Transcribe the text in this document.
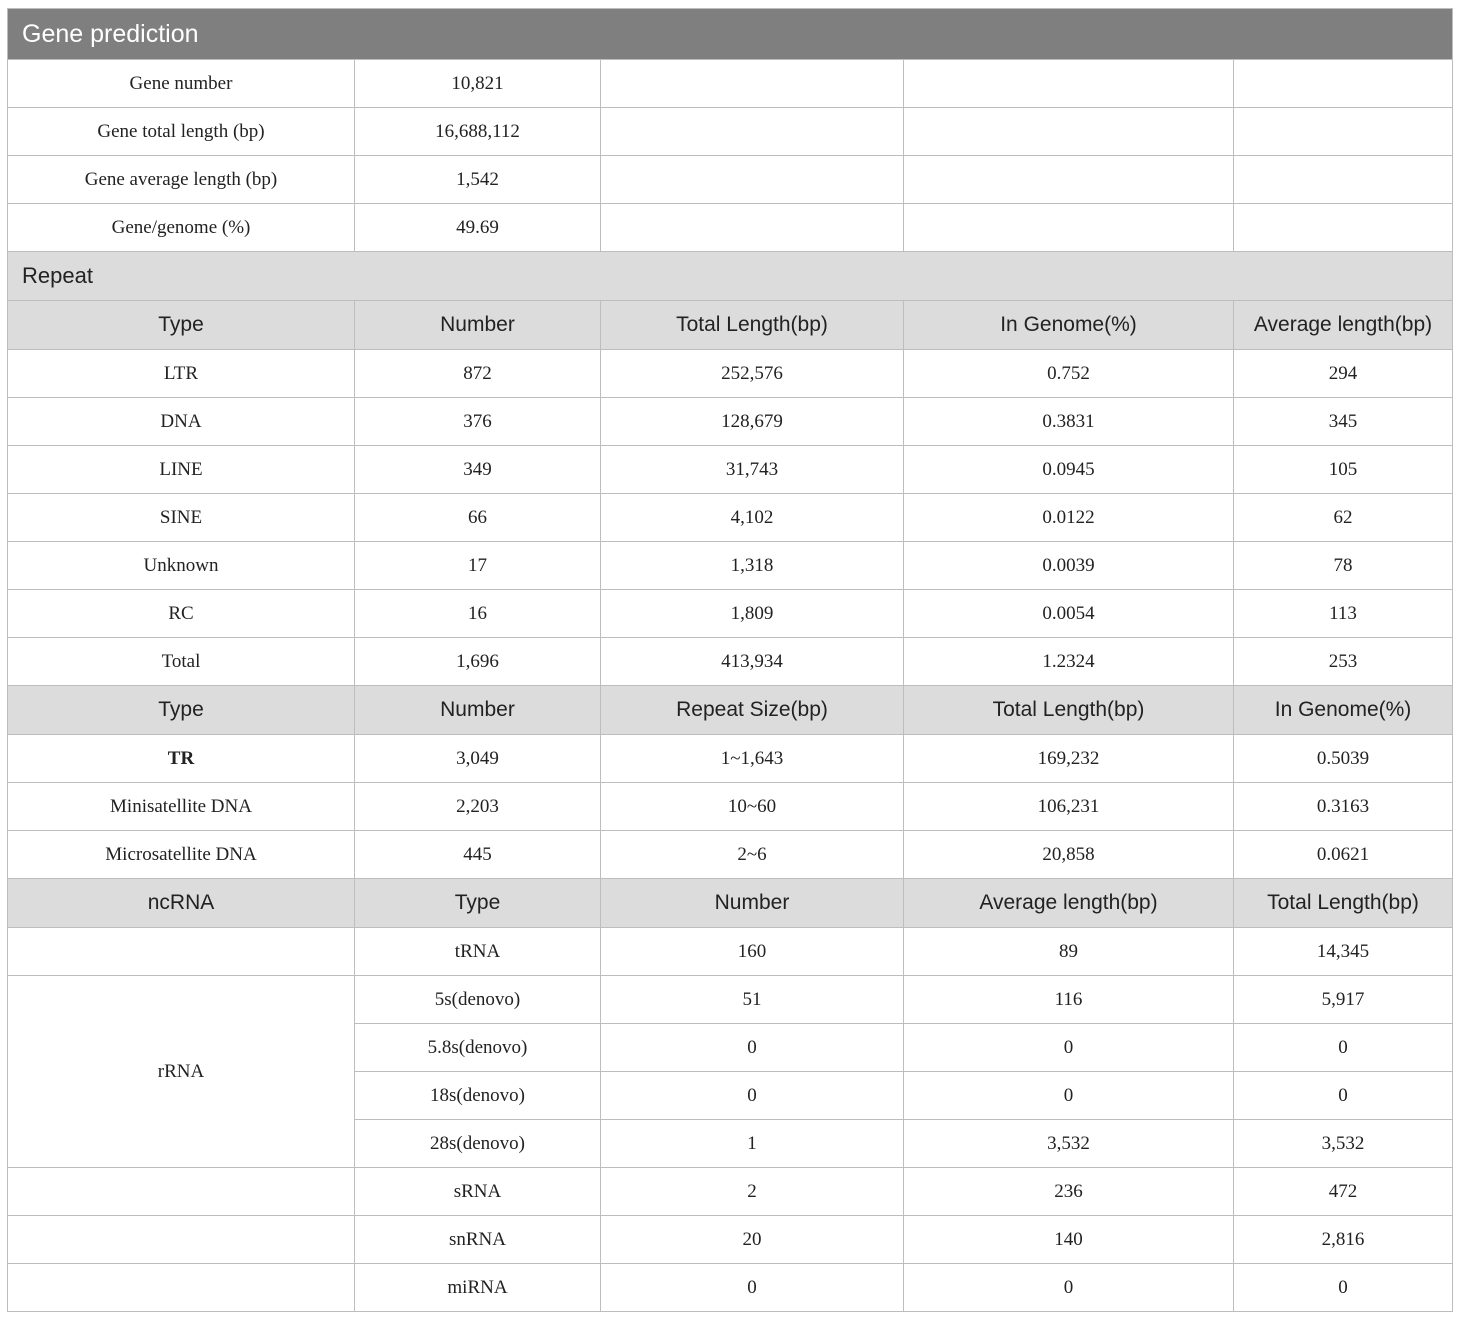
Gene prediction				
Gene number	10,821			
Gene total length (bp)	16,688,112			
Gene average length (bp)	1,542			
Gene/genome (%)	49.69			
Repeat				
Type	Number	Total Length(bp)	In Genome(%)	Average length(bp)
LTR	872	252,576	0.752	294
DNA	376	128,679	0.3831	345
LINE	349	31,743	0.0945	105
SINE	66	4,102	0.0122	62
Unknown	17	1,318	0.0039	78
RC	16	1,809	0.0054	113
Total	1,696	413,934	1.2324	253
Type	Number	Repeat Size(bp)	Total Length(bp)	In Genome(%)
TR	3,049	1~1,643	169,232	0.5039
Minisatellite DNA	2,203	10~60	106,231	0.3163
Microsatellite DNA	445	2~6	20,858	0.0621
ncRNA	Type	Number	Average length(bp)	Total Length(bp)
	tRNA	160	89	14,345
rRNA	5s(denovo)	51	116	5,917
	5.8s(denovo)	0	0	0
	18s(denovo)	0	0	0
	28s(denovo)	1	3,532	3,532
	sRNA	2	236	472
	snRNA	20	140	2,816
	miRNA	0	0	0
